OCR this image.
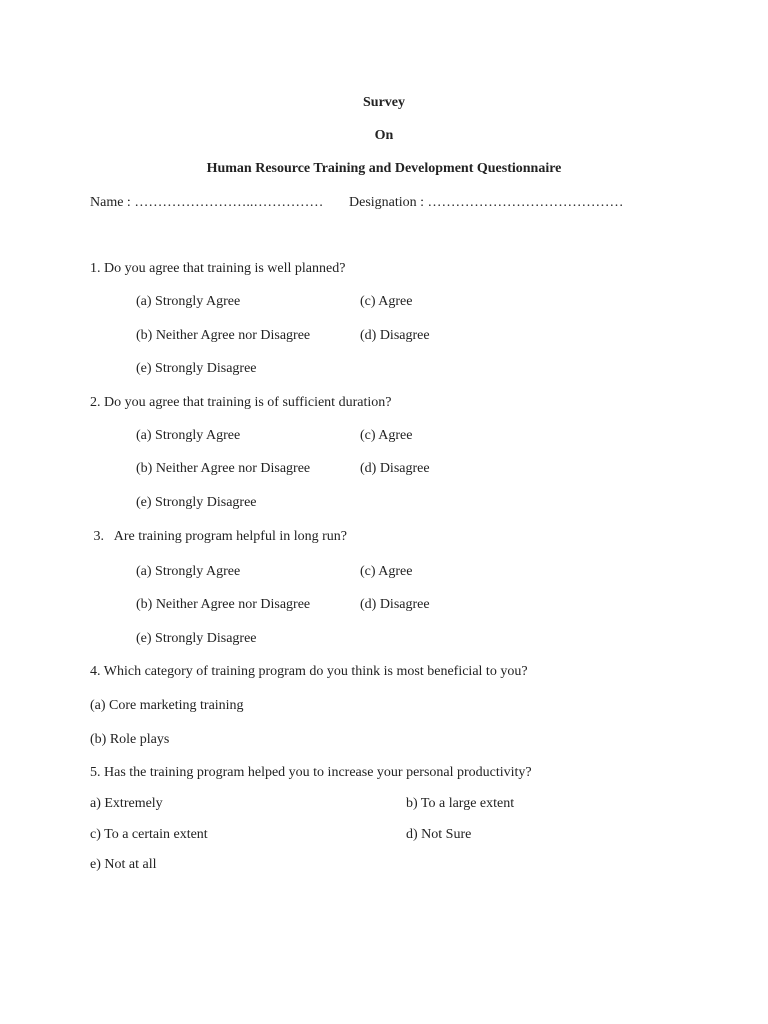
Survey
On
Human Resource Training and Development Questionnaire
Name : ……………………..…………… Designation : ……………………………………
1. Do you agree that training is well planned?
(a) Strongly Agree	(c) Agree
(b) Neither Agree nor Disagree	(d) Disagree
(e) Strongly Disagree
2. Do you agree that training is of sufficient duration?
(a) Strongly Agree	(c) Agree
(b) Neither Agree nor Disagree	(d) Disagree
(e) Strongly Disagree
3.   Are training program helpful in long run?
(a) Strongly Agree	(c) Agree
(b) Neither Agree nor Disagree	(d) Disagree
(e) Strongly Disagree
4. Which category of training program do you think is most beneficial to you?
(a) Core marketing training
(b) Role plays
5. Has the training program helped you to increase your personal productivity?
a) Extremely	b) To a large extent
c) To a certain extent	d) Not Sure
e) Not at all
